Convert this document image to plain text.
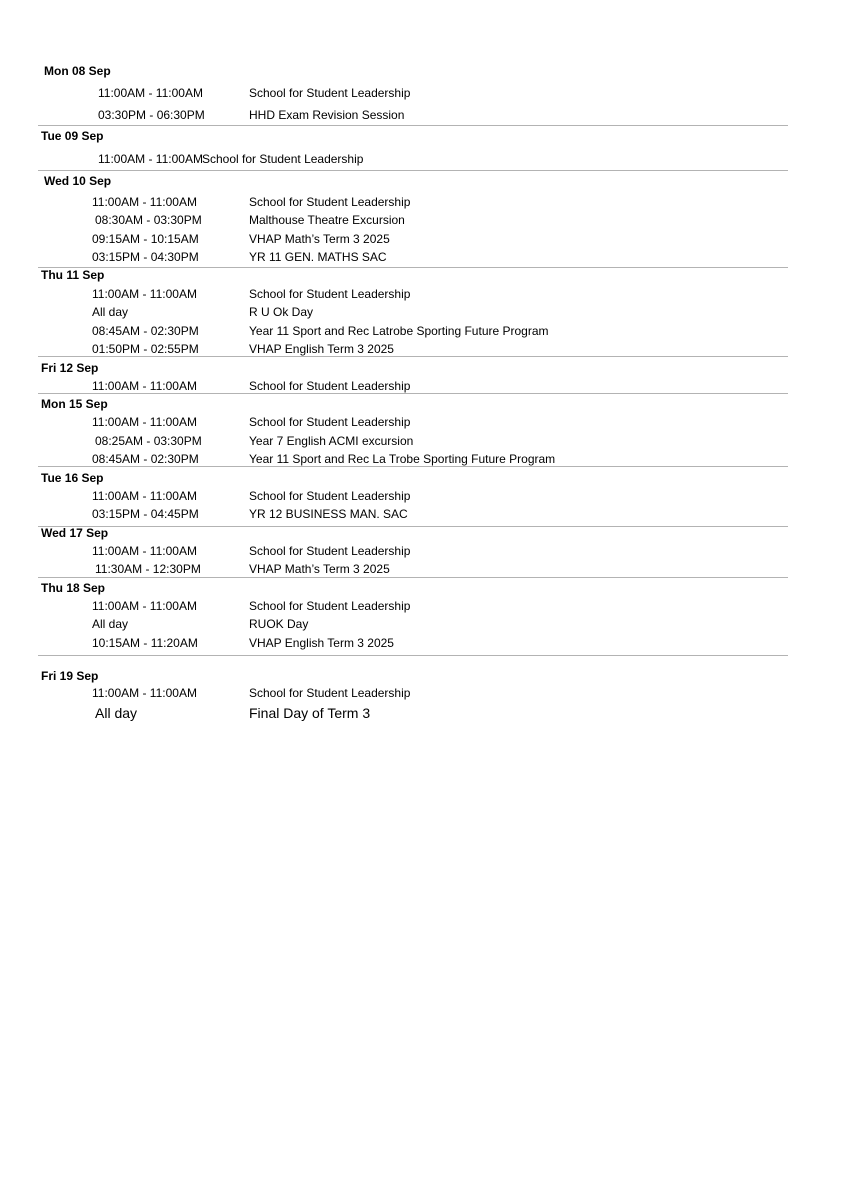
Mon 08 Sep
11:00AM - 11:00AM	School for Student Leadership
03:30PM - 06:30PM	HHD Exam Revision Session
Tue 09 Sep
11:00AM - 11:00AM School for Student Leadership
Wed 10 Sep
11:00AM - 11:00AM	School for Student Leadership
08:30AM - 03:30PM	Malthouse Theatre Excursion
09:15AM - 10:15AM	VHAP Math’s Term 3 2025
03:15PM - 04:30PM	YR 11 GEN. MATHS SAC
Thu 11 Sep
11:00AM - 11:00AM	School for Student Leadership
All day	R U Ok Day
08:45AM - 02:30PM	Year 11 Sport and Rec Latrobe Sporting Future Program
01:50PM - 02:55PM	VHAP English Term 3 2025
Fri 12 Sep
11:00AM - 11:00AM	School for Student Leadership
Mon 15 Sep
11:00AM - 11:00AM	School for Student Leadership
08:25AM - 03:30PM	Year 7 English ACMI excursion
08:45AM - 02:30PM	Year 11 Sport and Rec La Trobe Sporting Future Program
Tue 16 Sep
11:00AM - 11:00AM	School for Student Leadership
03:15PM - 04:45PM	YR 12 BUSINESS MAN. SAC
Wed 17 Sep
11:00AM - 11:00AM	School for Student Leadership
11:30AM - 12:30PM	VHAP Math’s Term 3 2025
Thu 18 Sep
11:00AM - 11:00AM	School for Student Leadership
All day	RUOK Day
10:15AM - 11:20AM	VHAP English Term 3 2025
Fri 19 Sep
11:00AM - 11:00AM	School for Student Leadership
All day	Final Day of Term 3
